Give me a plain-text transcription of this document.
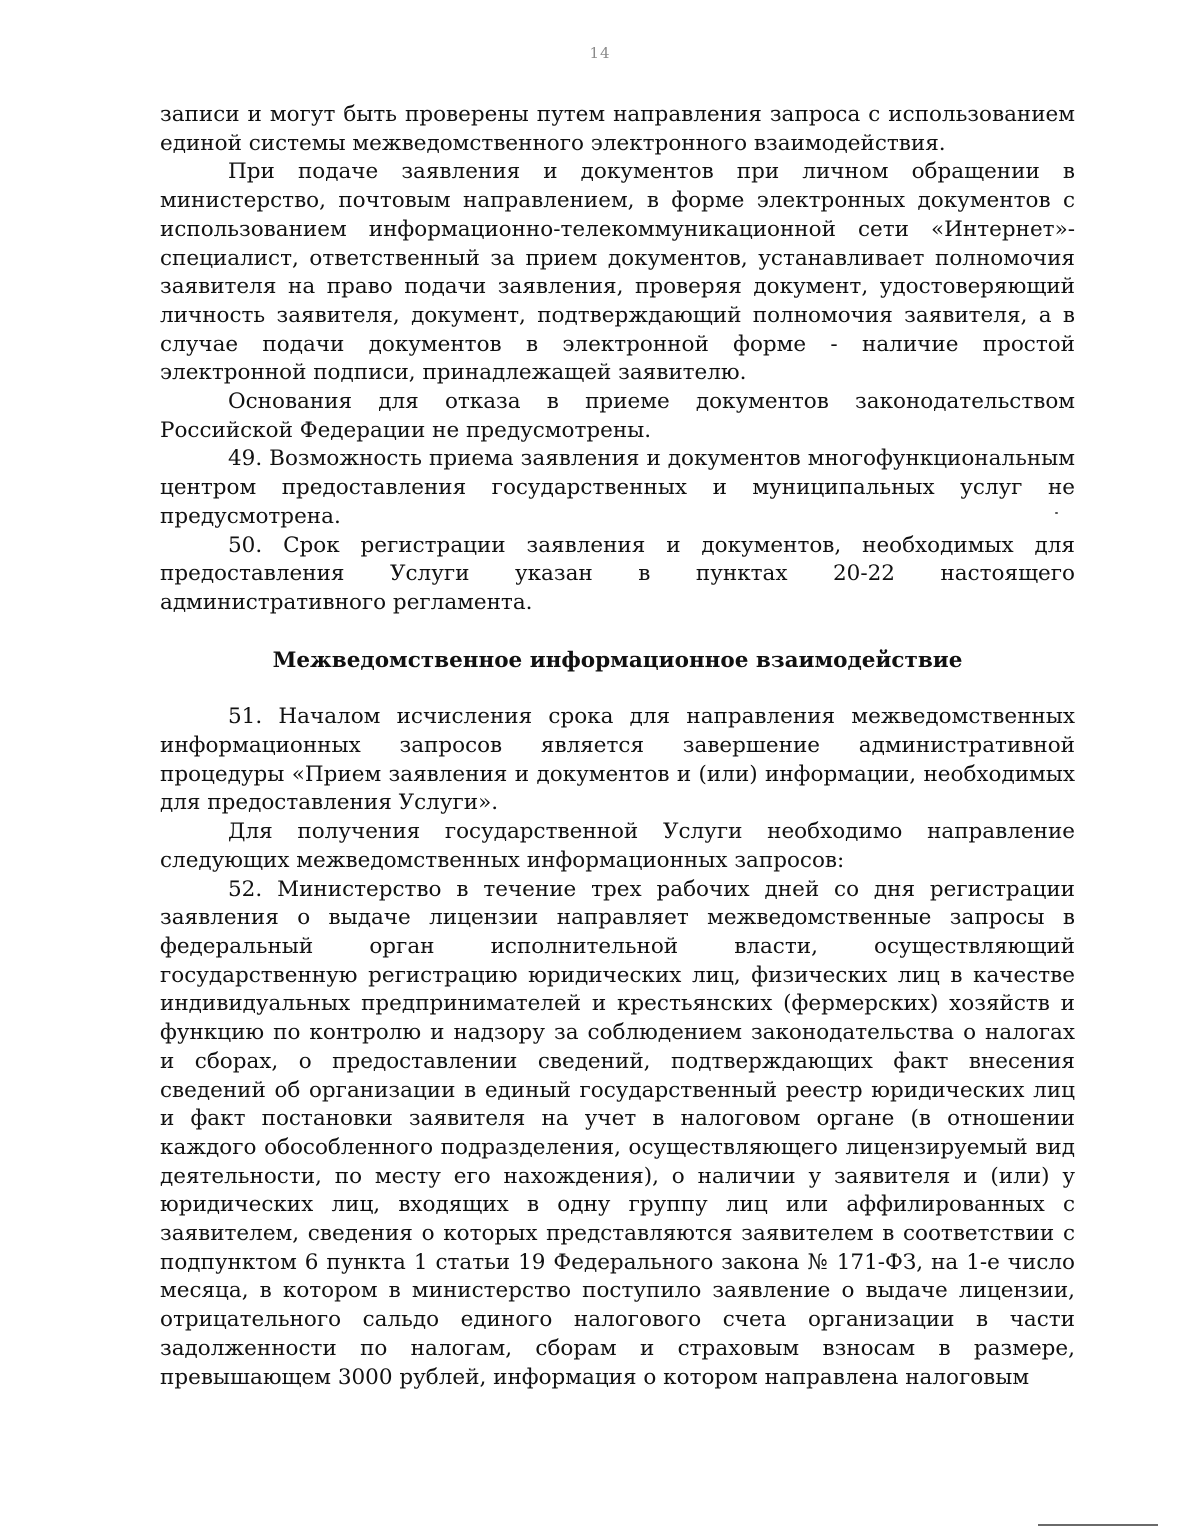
14

записи и могут быть проверены путем направления запроса с использованием единой системы межведомственного электронного взаимодействия.

При подаче заявления и документов при личном обращении в министерство, почтовым направлением, в форме электронных документов с использованием информационно-телекоммуникационной сети «Интернет»- специалист, ответственный за прием документов, устанавливает полномочия заявителя на право подачи заявления, проверяя документ, удостоверяющий личность заявителя, документ, подтверждающий полномочия заявителя, а в случае подачи документов в электронной форме - наличие простой электронной подписи, принадлежащей заявителю.

Основания для отказа в приеме документов законодательством Российской Федерации не предусмотрены.

49. Возможность приема заявления и документов многофункциональным центром предоставления государственных и муниципальных услуг не предусмотрена.

50. Срок регистрации заявления и документов, необходимых для предоставления Услуги указан в пунктах 20-22 настоящего административного регламента.

Межведомственное информационное взаимодействие

51. Началом исчисления срока для направления межведомственных информационных запросов является завершение административной процедуры «Прием заявления и документов и (или) информации, необходимых для предоставления Услуги».

Для получения государственной Услуги необходимо направление следующих межведомственных информационных запросов:

52. Министерство в течение трех рабочих дней со дня регистрации заявления о выдаче лицензии направляет межведомственные запросы в федеральный орган исполнительной власти, осуществляющий государственную регистрацию юридических лиц, физических лиц в качестве индивидуальных предпринимателей и крестьянских (фермерских) хозяйств и функцию по контролю и надзору за соблюдением законодательства о налогах и сборах, о предоставлении сведений, подтверждающих факт внесения сведений об организации в единый государственный реестр юридических лиц и факт постановки заявителя на учет в налоговом органе (в отношении каждого обособленного подразделения, осуществляющего лицензируемый вид деятельности, по месту его нахождения), о наличии у заявителя и (или) у юридических лиц, входящих в одну группу лиц или аффилированных с заявителем, сведения о которых представляются заявителем в соответствии с подпунктом 6 пункта 1 статьи 19 Федерального закона № 171-ФЗ, на 1-е число месяца, в котором в министерство поступило заявление о выдаче лицензии, отрицательного сальдо единого налогового счета организации в части задолженности по налогам, сборам и страховым взносам в размере, превышающем 3000 рублей, информация о котором направлена налоговым
